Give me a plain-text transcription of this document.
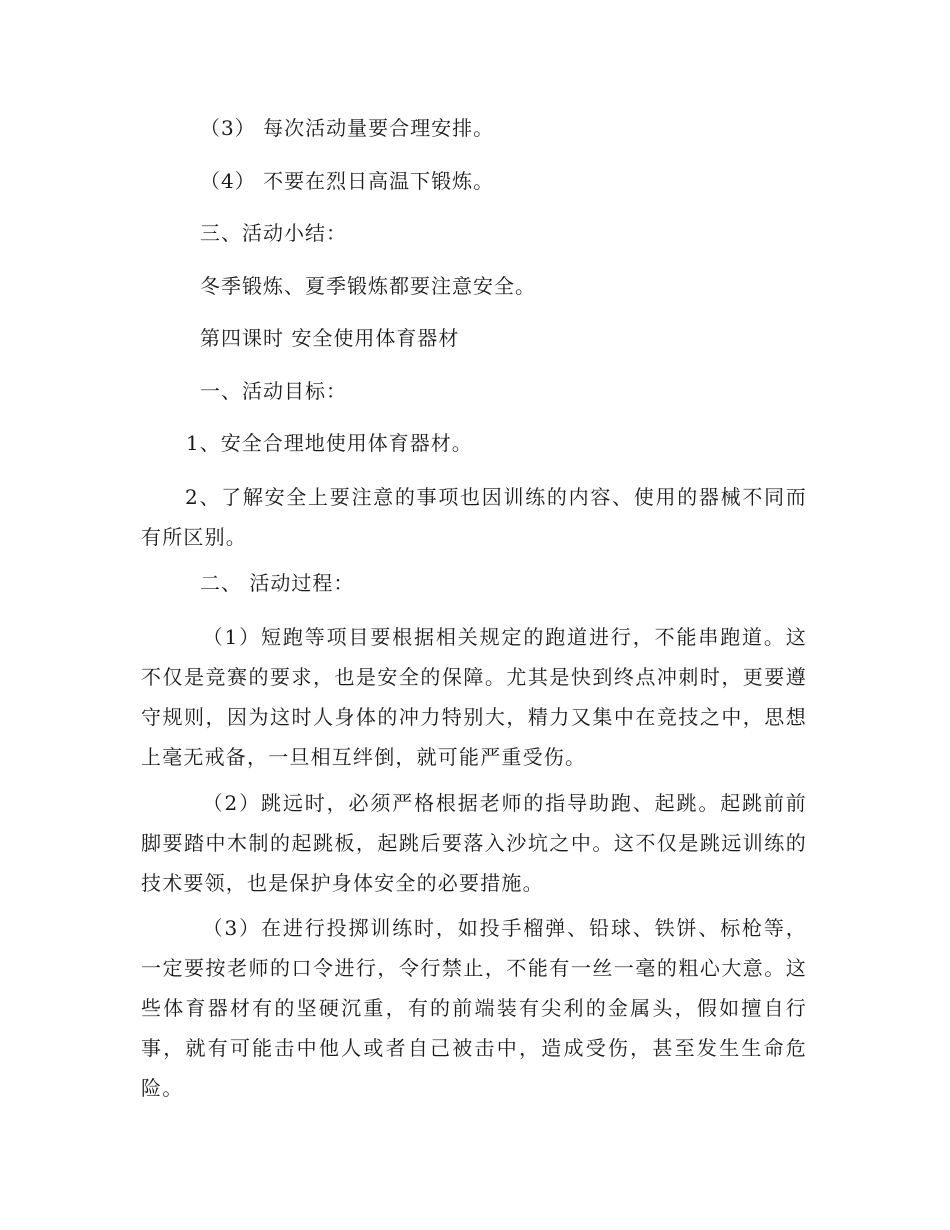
（3） 每次活动量要合理安排。
（4） 不要在烈日高温下锻炼。
三、活动小结：
冬季锻炼、夏季锻炼都要注意安全。
第四课时 安全使用体育器材
一、活动目标：
1、安全合理地使用体育器材。
2、了解安全上要注意的事项也因训练的内容、使用的器械不同而有所区别。
二、 活动过程：
（1）短跑等项目要根据相关规定的跑道进行，不能串跑道。这不仅是竞赛的要求，也是安全的保障。尤其是快到终点冲刺时，更要遵守规则，因为这时人身体的冲力特别大，精力又集中在竞技之中，思想上毫无戒备，一旦相互绊倒，就可能严重受伤。
（2）跳远时，必须严格根据老师的指导助跑、起跳。起跳前前脚要踏中木制的起跳板，起跳后要落入沙坑之中。这不仅是跳远训练的技术要领，也是保护身体安全的必要措施。
（3）在进行投掷训练时，如投手榴弹、铅球、铁饼、标枪等，一定要按老师的口令进行，令行禁止，不能有一丝一毫的粗心大意。这些体育器材有的坚硬沉重，有的前端装有尖利的金属头，假如擅自行事，就有可能击中他人或者自己被击中，造成受伤，甚至发生生命危险。
